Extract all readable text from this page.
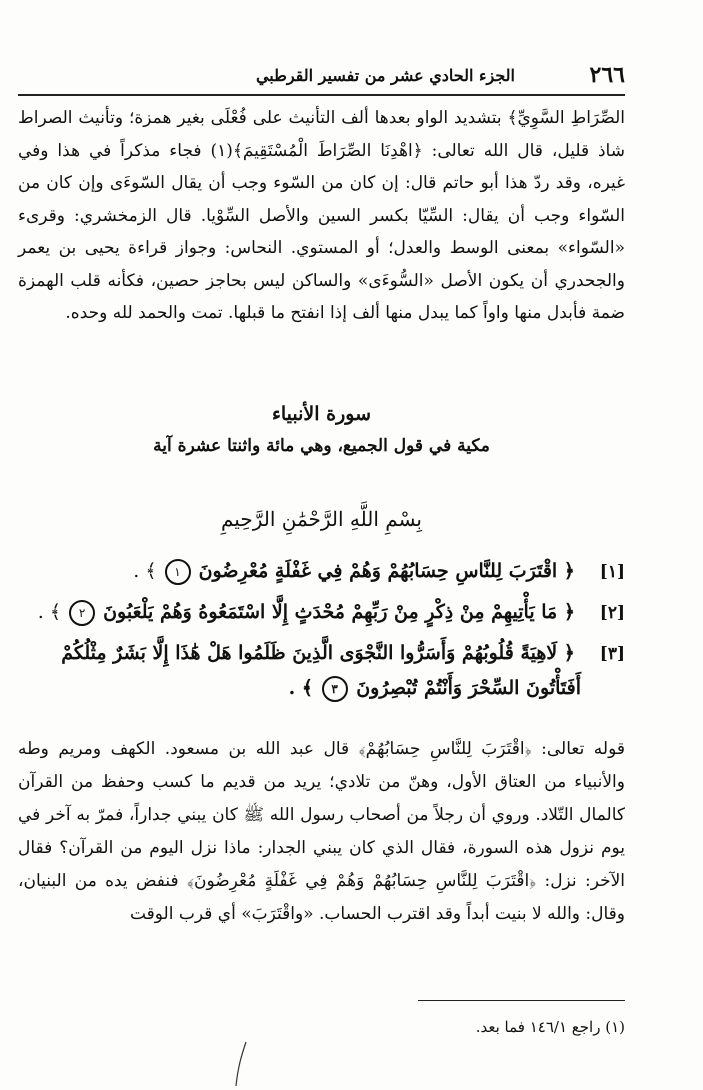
٢٦٦
الجزء الحادي عشر من تفسير القرطبي

الصِّرَاطِ السَّوِيِّ﴾ بتشديد الواو بعدها ألف التأنيث على فُعْلَى بغير همزة؛ وتأنيث الصراط شاذ قليل، قال الله تعالى: ﴿اهْدِنَا الصِّرَاطَ الْمُسْتَقِيمَ﴾(١) فجاء مذكراً في هذا وفي غيره، وقد ردّ هذا أبو حاتم قال: إن كان من السّوء وجب أن يقال السّوءَى وإن كان من السّواء وجب أن يقال: السِّيّا بكسر السين والأصل السِّوْيا. قال الزمخشري: وقرىء «السّواء» بمعنى الوسط والعدل؛ أو المستوي. النحاس: وجواز قراءة يحيى بن يعمر والجحدري أن يكون الأصل «السُّوءَى» والساكن ليس بحاجز حصين، فكأنه قلب الهمزة ضمة فأبدل منها واواً كما يبدل منها ألف إذا انفتح ما قبلها. تمت والحمد لله وحده.

سورة الأنبياء
مكية في قول الجميع، وهي مائة واثنتا عشرة آية
بِسْمِ اللَّهِ الرَّحْمَٰنِ الرَّحِيمِ
[١] ﴿ اقْتَرَبَ لِلنَّاسِ حِسَابُهُمْ وَهُمْ فِي غَفْلَةٍ مُعْرِضُونَ ١ ﴾ .
[٢] ﴿ مَا يَأْتِيهِمْ مِنْ ذِكْرٍ مِنْ رَبِّهِمْ مُحْدَثٍ إِلَّا اسْتَمَعُوهُ وَهُمْ يَلْعَبُونَ ٢ ﴾ .
[٣] ﴿ لَاهِيَةً قُلُوبُهُمْ وَأَسَرُّوا النَّجْوَى الَّذِينَ ظَلَمُوا هَلْ هَٰذَا إِلَّا بَشَرٌ مِثْلُكُمْ
أَفَتَأْتُونَ السِّحْرَ وَأَنْتُمْ تُبْصِرُونَ ٣ ﴾ .

قوله تعالى: ﴿اقْتَرَبَ لِلنَّاسِ حِسَابُهُمْ﴾ قال عبد الله بن مسعود. الكهف ومريم وطه والأنبياء من العتاق الأول، وهنّ من تلادي؛ يريد من قديم ما كسب وحفظ من القرآن كالمال التّلاد. وروي أن رجلاً من أصحاب رسول الله ﷺ كان يبني جداراً، فمرّ به آخر في يوم نزول هذه السورة، فقال الذي كان يبني الجدار: ماذا نزل اليوم من القرآن؟ فقال الآخر: نزل: ﴿اقْتَرَبَ لِلنَّاسِ حِسَابُهُمْ وَهُمْ فِي غَفْلَةٍ مُعْرِضُونَ﴾ فنفض يده من البنيان، وقال: والله لا بنيت أبداً وقد اقترب الحساب. «واقْتَرَبَ» أي قرب الوقت

(١) راجع ١٤٦/١ فما بعد.
